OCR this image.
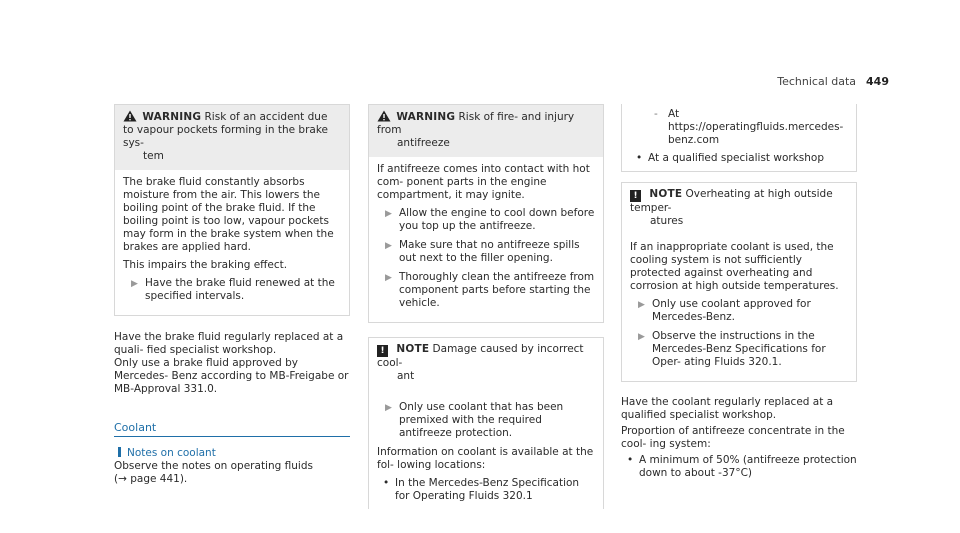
Technical data 449
WARNING Risk of an accident due to vapour pockets forming in the brake sys-
tem

The brake fluid constantly absorbs moisture from the air. This lowers the boiling point of the brake fluid. If the boiling point is too low, vapour pockets may form in the brake system when the brakes are applied hard.

This impairs the braking effect.

▶ Have the brake fluid renewed at the specified intervals.

Have the brake fluid regularly replaced at a quali- fied specialist workshop.

Only use a brake fluid approved by Mercedes- Benz according to MB-Freigabe or MB-Approval 331.0.

Coolant
Notes on coolant
Observe the notes on operating fluids
(→ page 441).
WARNING Risk of fire- and injury from
antifreeze

If antifreeze comes into contact with hot com- ponent parts in the engine compartment, it may ignite.

▶ Allow the engine to cool down before you top up the antifreeze.
▶ Make sure that no antifreeze spills out next to the filler opening.
▶ Thoroughly clean the antifreeze from component parts before starting the vehicle.
! NOTE Damage caused by incorrect cool-
ant
▶ Only use coolant that has been premixed with the required antifreeze protection.

Information on coolant is available at the fol- lowing locations:

• In the Mercedes-Benz Specification for Operating Fluids 320.1
- At https://operatingfluids.mercedes- benz.com
• At a qualified specialist workshop
! NOTE Overheating at high outside temper-
atures

If an inappropriate coolant is used, the cooling system is not sufficiently protected against overheating and corrosion at high outside temperatures.

▶ Only use coolant approved for Mercedes-Benz.
▶ Observe the instructions in the Mercedes-Benz Specifications for Oper- ating Fluids 320.1.

Have the coolant regularly replaced at a qualified specialist workshop.

Proportion of antifreeze concentrate in the cool- ing system:

• A minimum of 50% (antifreeze protection down to about -37°C)
